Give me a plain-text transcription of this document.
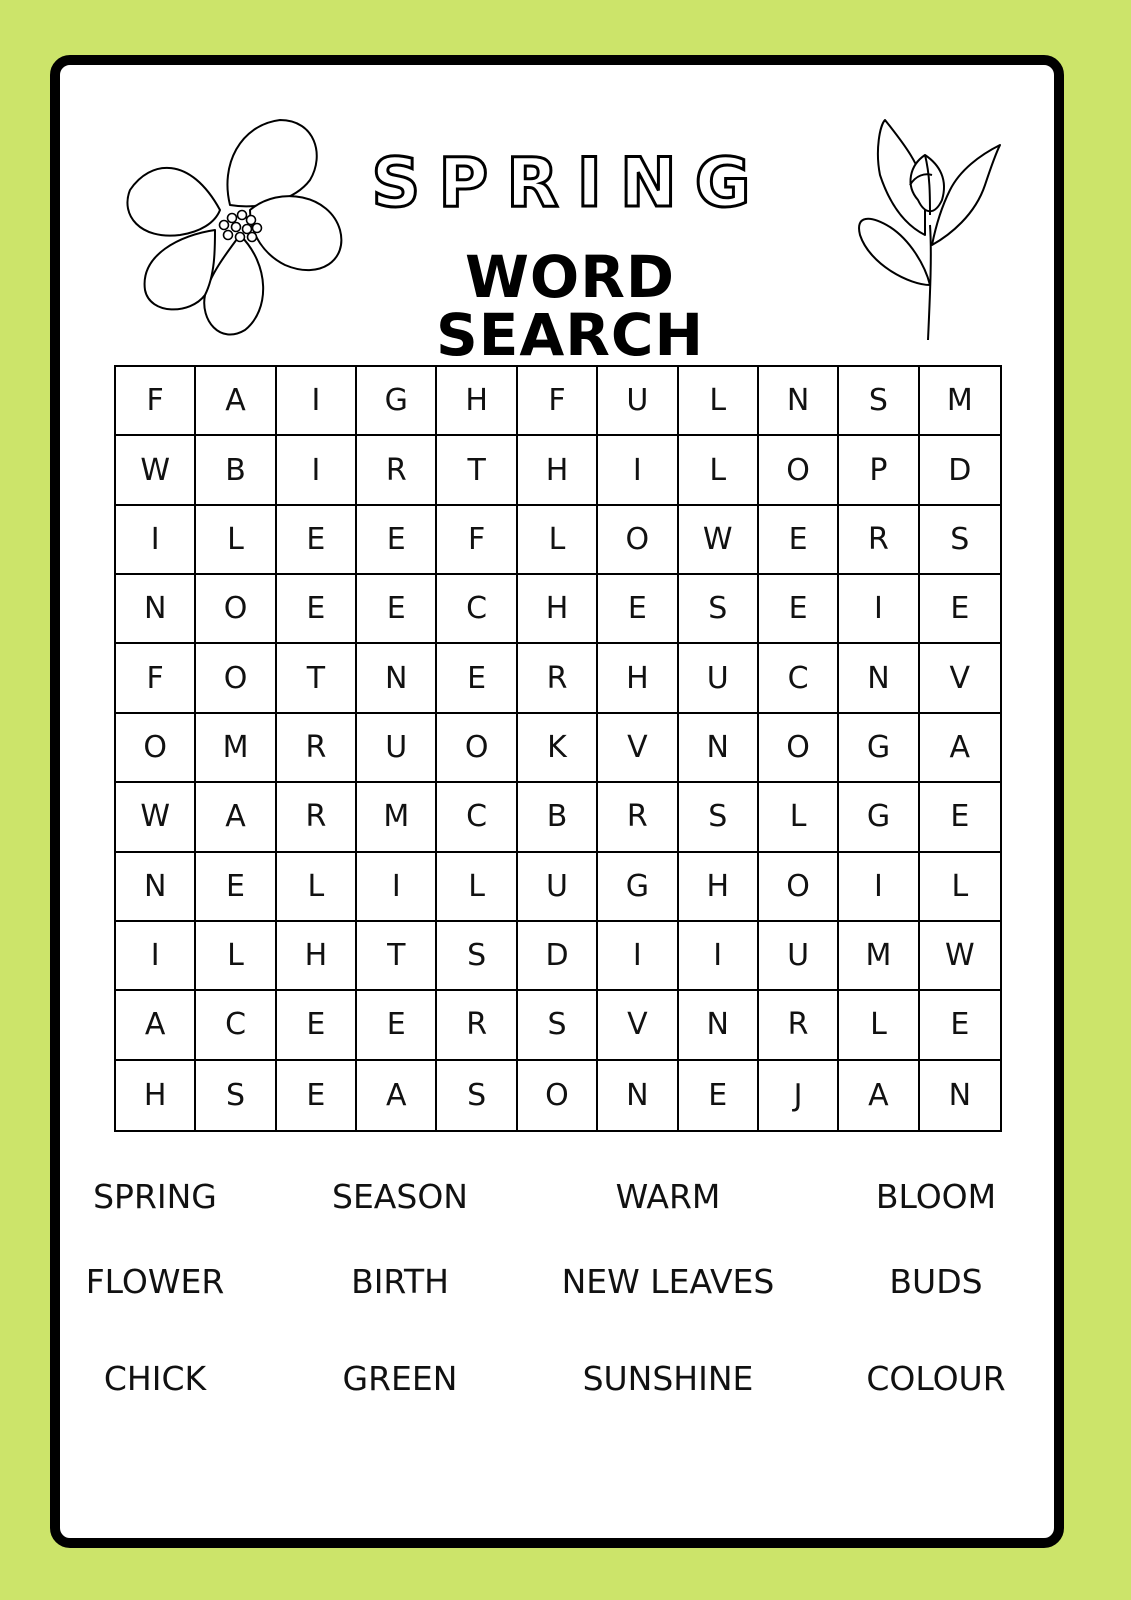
SPRING
WORD SEARCH
F	A	I	G	H	F	U	L	N	S	M
W	B	I	R	T	H	I	L	O	P	D
I	L	E	E	F	L	O	W	E	R	S
N	O	E	E	C	H	E	S	E	I	E
F	O	T	N	E	R	H	U	C	N	V
O	M	R	U	O	K	V	N	O	G	A
W	A	R	M	C	B	R	S	L	G	E
N	E	L	I	L	U	G	H	O	I	L
I	L	H	T	S	D	I	I	U	M	W
A	C	E	E	R	S	V	N	R	L	E
H	S	E	A	S	O	N	E	J	A	N
SPRING	SEASON	WARM	BLOOM
FLOWER	BIRTH	NEW LEAVES	BUDS
CHICK	GREEN	SUNSHINE	COLOUR
